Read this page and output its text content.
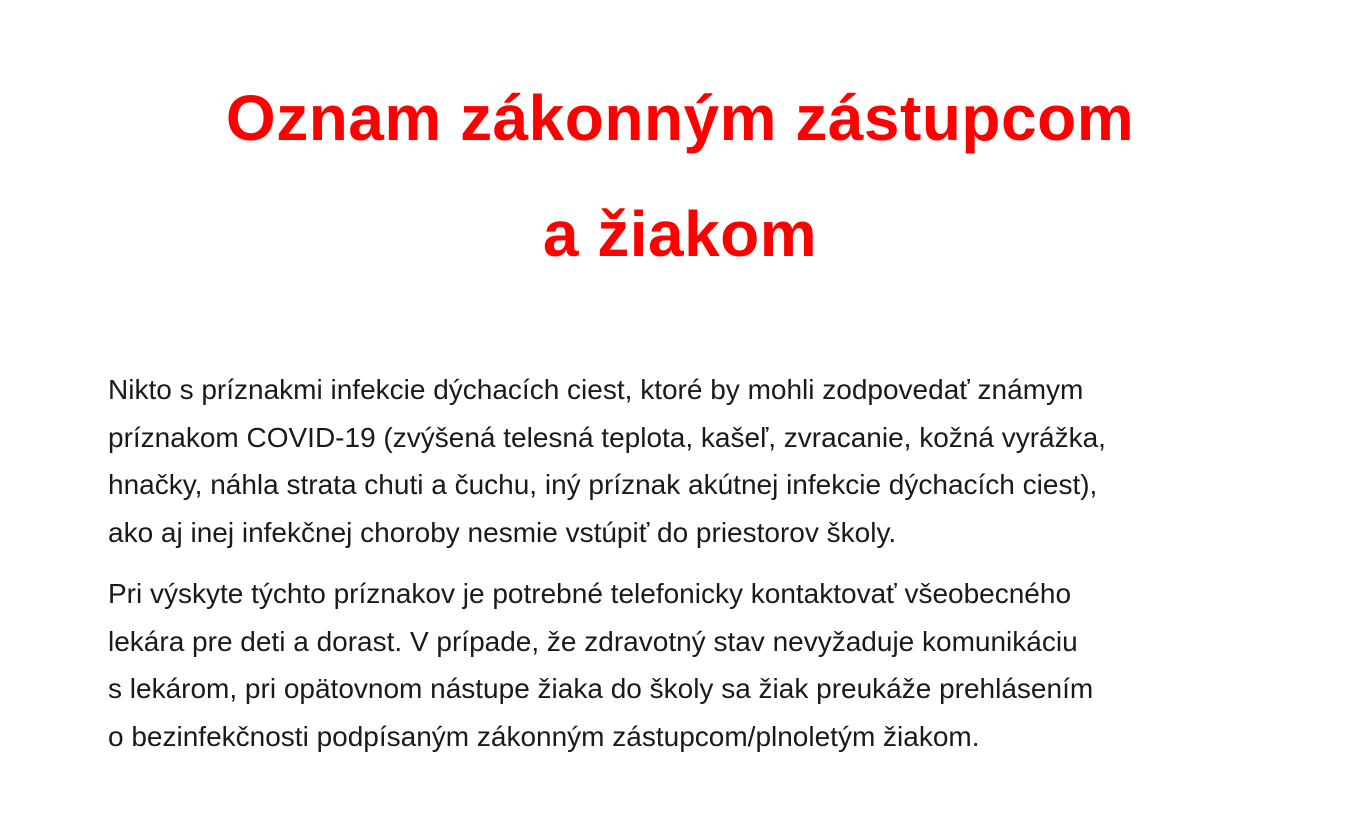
Oznam zákonným zástupcom
a žiakom

Nikto s príznakmi infekcie dýchacích ciest, ktoré by mohli zodpovedať známym
príznakom COVID-19 (zvýšená telesná teplota, kašeľ, zvracanie, kožná vyrážka,
hnačky, náhla strata chuti a čuchu, iný príznak akútnej infekcie dýchacích ciest),
ako aj inej infekčnej choroby nesmie vstúpiť do priestorov školy.

Pri výskyte týchto príznakov je potrebné telefonicky kontaktovať všeobecného
lekára pre deti a dorast. V prípade, že zdravotný stav nevyžaduje komunikáciu
s lekárom, pri opätovnom nástupe žiaka do školy sa žiak preukáže prehlásením
o bezinfekčnosti podpísaným zákonným zástupcom/plnoletým žiakom.
